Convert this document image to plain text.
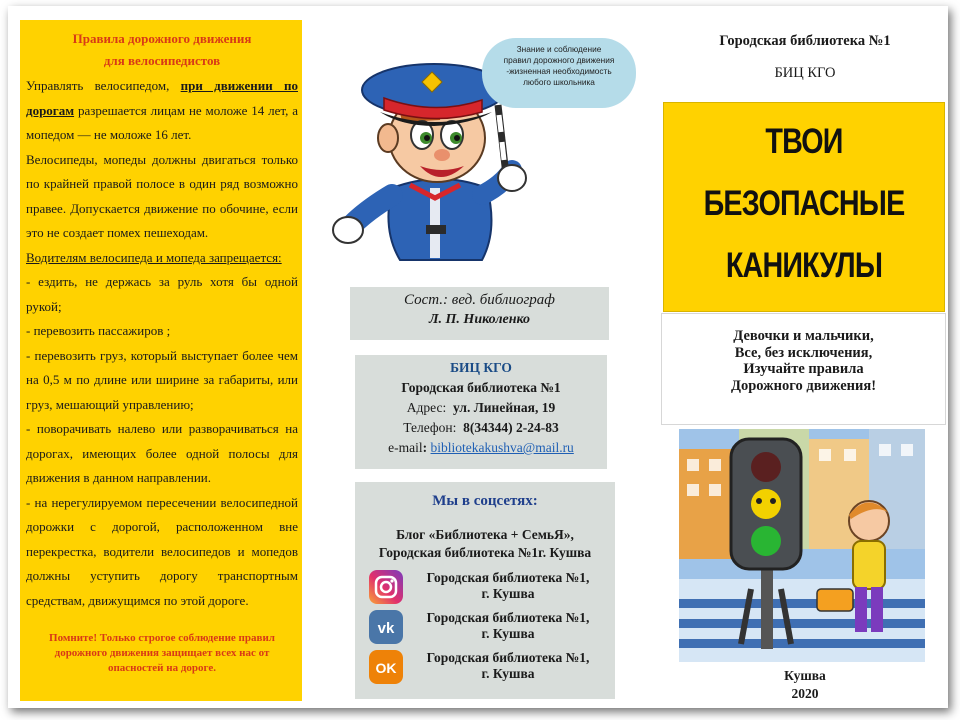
Правила дорожного движения
для велосипедистов

Управлять велосипедом, при движении по дорогам разрешается лицам не моложе 14 лет, а мопедом — не моложе 16 лет.

Велосипеды, мопеды должны двигаться только по крайней правой полосе в один ряд возможно правее. Допускается движение по обочине, если это не создает помех пешеходам.

Водителям велосипеда и мопеда запрещается:

- ездить, не держась за руль хотя бы одной рукой;

- перевозить пассажиров ;

- перевозить груз, который выступает более чем на 0,5 м по длине или ширине за габариты, или груз, мешающий управлению;

- поворачивать налево или разворачиваться на дорогах, имеющих более одной полосы для движения в данном направлении.

- на нерегулируемом пересечении велосипедной дорожки с дорогой, расположенном вне перекрестка, водители велосипедов и мопедов должны уступить дорогу транспортным средствам, движущимся по этой дороге.

Помните! Только строгое соблюдение правил дорожного движения защищает всех нас от опасностей на дороге.
Знание и соблюдение
правил дорожного движения
-жизненная необходимость
любого школьника
Сост.: вед. библиограф
Л. П. Николенко
БИЦ КГО
Городская библиотека №1
Адрес: ул. Линейная, 19
Телефон: 8(34344) 2-24-83
e-mail: bibliotekakushva@mail.ru
Мы в соцсетях:
Блог «Библиотека + СемьЯ»,
Городская библиотека №1г. Кушва
Городская библиотека №1,
г. Кушва
vk
Городская библиотека №1,
г. Кушва
OK
Городская библиотека №1,
г. Кушва
Городская библиотека №1
БИЦ КГО
ТВОИ
БЕЗОПАСНЫЕ
КАНИКУЛЫ
Девочки и мальчики,
Все, без исключения,
Изучайте правила
Дорожного движения!
Кушва
2020
